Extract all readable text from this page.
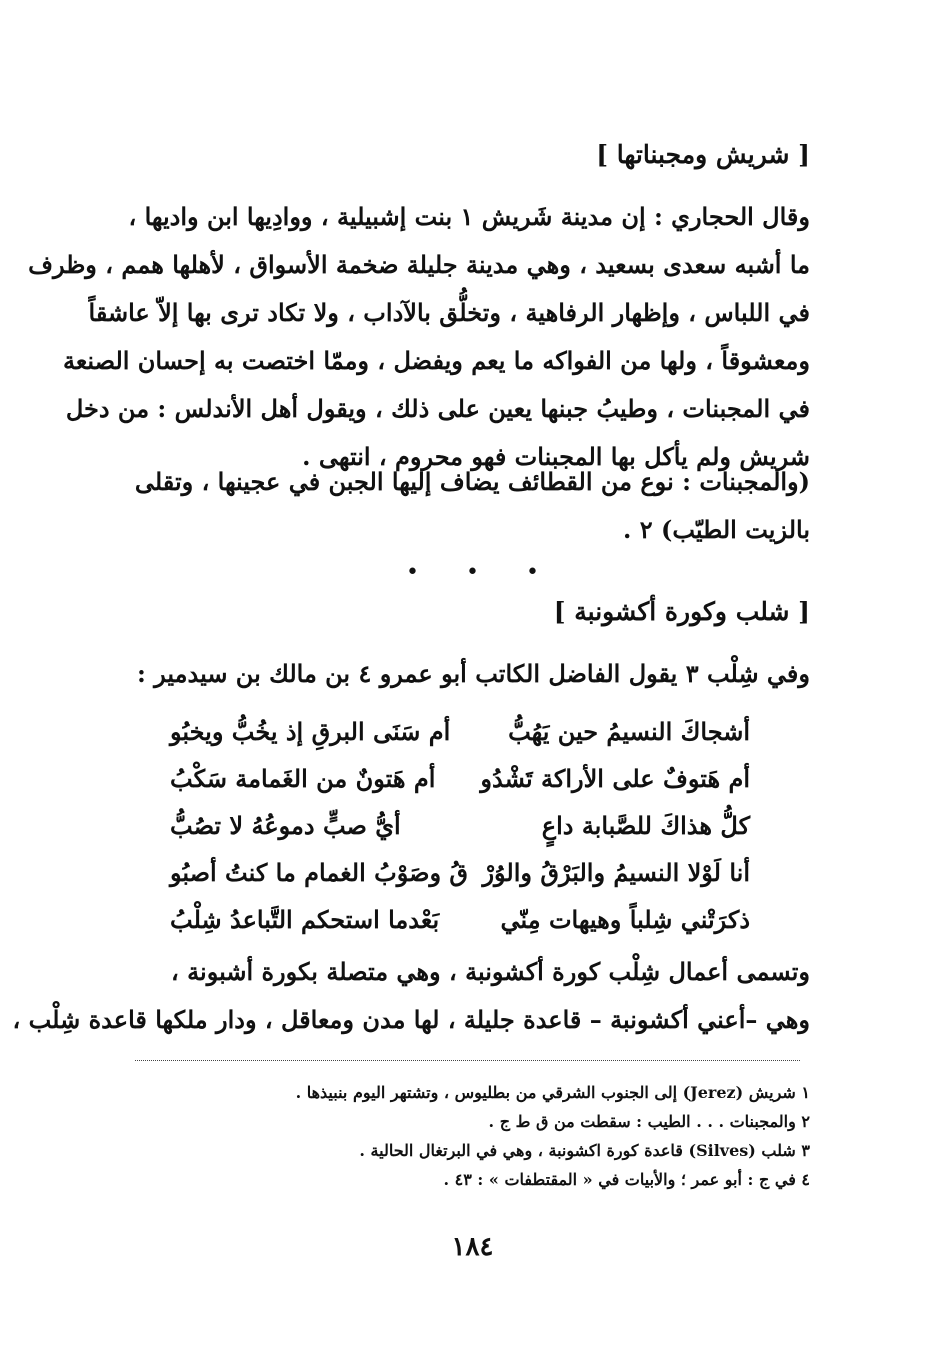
[ شريش ومجبناتها ]
وقال الحجاري : إن مدينة شَريش ١ بنت إشبيلية ، ووادِيها ابن واديها ،
ما أشبه سعدى بسعيد ، وهي مدينة جليلة ضخمة الأسواق ، لأهلها همم ، وظرف
في اللباس ، وإظهار الرفاهية ، وتخلُّق بالآداب ، ولا تكاد ترى بها إلاّ عاشقاً
ومعشوقاً ، ولها من الفواكه ما يعم ويفضل ، وممّا اختصت به إحسان الصنعة
في المجبنات ، وطيبُ جبنها يعين على ذلك ، ويقول أهل الأندلس : من دخل
شريش ولم يأكل بها المجبنات فهو محروم ، انتهى .
(والمجبنات : نوع من القطائف يضاف إليها الجبن في عجينها ، وتقلى
بالزيت الطيّب) ٢ .
• • •
[ شلب وكورة أكشونبة ]
وفي شِلْب ٣ يقول الفاضل الكاتب أبو عمرو ٤ بن مالك بن سيدمير :
أشجاكَ النسيمُ حين يَهُبُّ
أم سَنَى البرقِ إذ يخُبُّ ويخبُو
أم هَتوفٌ على الأراكة تَشْدُو
أم هَتونٌ من الغَمامة سَكْبُ
كلُّ هذاكَ للصَّبابة داعٍ
أيُّ صبٍّ دموعُهُ لا تصُبُّ
أنا لَوْلا النسيمُ والبَرْقُ والوُرْ
قُ وصَوْبُ الغمام ما كنتُ أصبُو
ذكرَتْني شِلباً وهيهات مِنّي
بَعْدما استحكم التَّباعدُ شِلْبُ
وتسمى أعمال شِلْب كورة أكشونبة ، وهي متصلة بكورة أشبونة ،
وهي –أعني أكشونبة – قاعدة جليلة ، لها مدن ومعاقل ، ودار ملكها قاعدة شِلْب ،
١ شريش (Jerez) إلى الجنوب الشرقي من بطليوس ، وتشتهر اليوم بنبيذها .
٢ والمجبنات . . . الطيب : سقطت من ق ط ج .
٣ شلب (Silves) قاعدة كورة اكشونبة ، وهي في البرتغال الحالية .
٤ في ج : أبو عمر ؛ والأبيات في « المقتطفات » : ٤٣ .
١٨٤
